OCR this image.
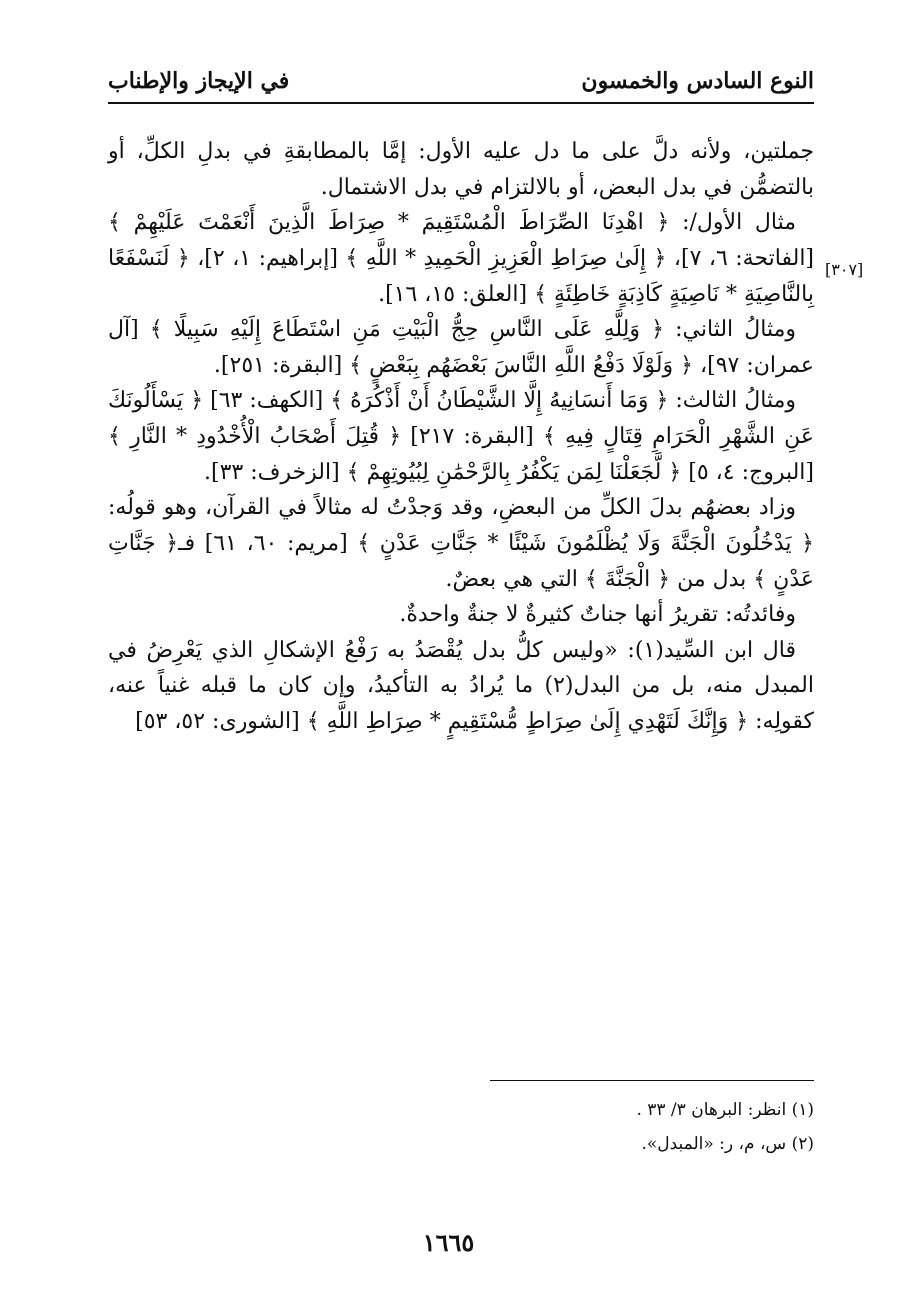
النوع السادس والخمسون
في الإيجاز والإطناب
[٣٠٧]

جملتين، ولأنه دلَّ على ما دل عليه الأول: إمَّا بالمطابقةِ في بدلِ الكلِّ، أو بالتضمُّن في بدل البعض، أو بالالتزام في بدل الاشتمال.

مثال الأول/: ﴿ اهْدِنَا الصِّرَاطَ الْمُسْتَقِيمَ * صِرَاطَ الَّذِينَ أَنْعَمْتَ عَلَيْهِمْ ﴾ [الفاتحة: ٦، ٧]، ﴿ إِلَىٰ صِرَاطِ الْعَزِيزِ الْحَمِيدِ * اللَّهِ ﴾ [إبراهيم: ١، ٢]، ﴿ لَنَسْفَعًا بِالنَّاصِيَةِ * نَاصِيَةٍ كَاذِبَةٍ خَاطِئَةٍ ﴾ [العلق: ١٥، ١٦].

ومثالُ الثاني: ﴿ وَلِلَّهِ عَلَى النَّاسِ حِجُّ الْبَيْتِ مَنِ اسْتَطَاعَ إِلَيْهِ سَبِيلًا ﴾ [آل عمران: ٩٧]، ﴿ وَلَوْلَا دَفْعُ اللَّهِ النَّاسَ بَعْضَهُم بِبَعْضٍ ﴾ [البقرة: ٢٥١].

ومثالُ الثالث: ﴿ وَمَا أَنسَانِيهُ إِلَّا الشَّيْطَانُ أَنْ أَذْكُرَهُ ﴾ [الكهف: ٦٣] ﴿ يَسْأَلُونَكَ عَنِ الشَّهْرِ الْحَرَامِ قِتَالٍ فِيهِ ﴾ [البقرة: ٢١٧] ﴿ قُتِلَ أَصْحَابُ الْأُخْدُودِ * النَّارِ ﴾ [البروج: ٤، ٥] ﴿ لَّجَعَلْنَا لِمَن يَكْفُرُ بِالرَّحْمَٰنِ لِبُيُوتِهِمْ ﴾ [الزخرف: ٣٣].

وزاد بعضهُم بدلَ الكلِّ من البعضِ، وقد وَجدْتُ له مثالاً في القرآن، وهو قولُه: ﴿ يَدْخُلُونَ الْجَنَّةَ وَلَا يُظْلَمُونَ شَيْئًا * جَنَّاتِ عَدْنٍ ﴾ [مريم: ٦٠، ٦١] فـ﴿ جَنَّاتِ عَدْنٍ ﴾ بدل من ﴿ الْجَنَّةَ ﴾ التي هي بعضٌ.

وفائدتُه: تقريرُ أنها جناتٌ كثيرةٌ لا جنةٌ واحدةٌ.

قال ابن السِّيد(١): «وليس كلُّ بدل يُقْصَدُ به رَفْعُ الإشكالِ الذي يَعْرِضُ في المبدل منه، بل من البدل(٢) ما يُرادُ به التأكيدُ، وإن كان ما قبله غنياً عنه، كقولِه: ﴿ وَإِنَّكَ لَتَهْدِي إِلَىٰ صِرَاطٍ مُّسْتَقِيمٍ * صِرَاطِ اللَّهِ ﴾ [الشورى: ٥٢، ٥٣]

(١) انظر: البرهان ٣/ ٣٣ .

(٢) س، م، ر: «المبدل».

١٦٦٥
